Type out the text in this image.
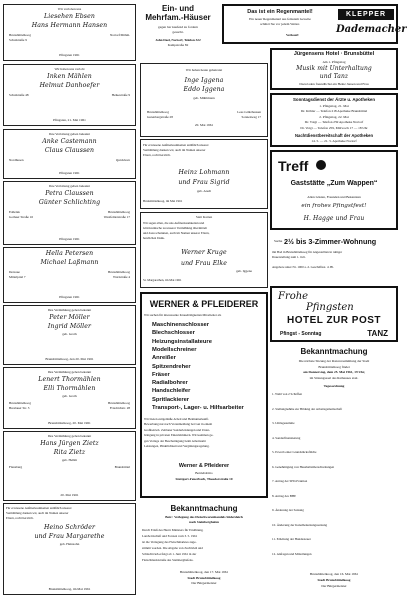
Wir verloben uns
Liesehen Ebsen
Hans Hermann Hansen
Brunsbüttelkoog	Nortorf/Dithm.
Schulstraße 9
Pfingsten 1961
Wir haben uns verlobt
Inken Mählen
Helmut Danhoefer
Schulstraße 48	Heikestraße 9
Pfingsten, 21. Mai 1961
Ihre Verlobung geben bekannt
Anke Castemann
Claus Claussen
Nordhusen	Quickborn
Pfingsten 1961
Ihre Verlobung geben bekannt
Petra Claussen
Günter Schlichting
Eddelak	Brunsbüttelkoog
Gothaer Straße 16	Westfelderstraße 17
Pfingsten 1961
Hella Petersen
Michael Laßmann
Dersaue	Brunsbüttelkoog
Mittelpriel 7	Wurtstraße 4
Pfingsten 1961
Ihre Vermählung geben bekannt
Peter Möller
Ingrid Möller
geb. Groth
Brunsbüttelkoog, den 20. Mai 1961
Ihre Vermählung geben bekannt
Lenert Thormählen
Elli Thormählen
geb. Groth
Brunsbüttelkoog	Brunsbüttelkoog
Breslauer Str. 3	Friedrichstr. 28
Brunsbüttelkoog, 20. Mai 1961
Ihre Vermählung geben bekannt
Hans Jürgen Zietz
Rita Zietz
geb. Hellm
Flensburg	Brunsbüttel
20. Mai 1961
Für erwiesene Aufmerksamkeiten anläßlich unserer
Vermählung danken wir, auch im Namen unserer
Eltern, recht herzlich.
Heino Schröder
und Frau Margarethe
geb. Heinsohn
Brunsbüttelkoog, im Mai 1961
Ein- und
Mehrfam.-Häuser
gegen bar kaufend zu fordern
gesucht.
John Deel, Nortorf, Telefon 322
Kampstraße 82
Wir haben heute geheiratet
Inge Iggena
Eddo Iggena
geb. Mühlmann
Brunsbüttelkoog	Leer-Grützhausen
Gutenbergstraße 28	Sonnenweg 17
20. Mai 1961
Für erwiesene Aufmerksamkeiten anläßlich unserer
Vermählung danken wir, auch im Namen unserer
Eltern, recht herzlich.
Heinz Lohmann
und Frau Sigrid
geb. Aredt
Brunsbüttelkoog, im Mai 1961
Statt Karten
Wir sagen allen, die uns Aufmerksamkeiten und
Glückwünsche zu unserer Vermählung übermittelt
und dazu schenkten, auch im Namen unserer Eltern,
herzlichen Dank.
Werner Kruge
und Frau Elke
geb. Iggena
St. Margarethen, im Mai 1961
WERNER & PFLEIDERER
Wir suchen für interessante Kraueltätigkeiten Mitarbeiter als
Werner & Pfleiderer
Betriebsbüro
Stuttgart-Feuerbach, Theodorstraße 10
Maschinenschlosser
Blechschlosser
Heizungsinstallateure
Modellschreiner
Anreißer
Spitzendreher
Fräser
Radialbohrer
Handschleifer
Spritlackierer
Transport-, Lager- u. Hilfsarbeiter
Wir bieten zeitgemäße Arbeit und Heimunterkunft.
Bewerbung nur nach Voranmeldung bei Gut in einem
Großbetrieb. Zeitlaner Sonderleistungen und Unter-
bringung in privaten Einzelzimmern. Wir kommen ge-
gen Vorlage der Bescheinigung beim Arbeitsamt
Leistungen, Pünktlichkeit und Vergütungsregelung.
Bekanntmachung
Betr.: Verlegung des Fleischwarenhandels Süderdeich
nach Steinberghafen
Brunsbüttelkoog, den 17. Mai 1961
Stadt Brunsbüttelkoog
Der Bürgermeister
Durch Erlaß des Herrn Ministers für Ernährung,
Landwirtschaft und Forsten vom 3. 5. 1961
ist die Verlegung des Fleischmarktes zuge-
stimmt worden. Die Abgabe von Zuchtvieh und
Schlachtvieh erfolgt ab 1. Juni 1961 in der
Fleischmarktstraße des Steinberghafens.
Das ist ein Regenmantel!
Ein neuer Regenmantel aus feinstem Gewebe
schützt Sie vor jedem Wetter.
Verkauf:
KLEPPER
Dademacher
Jürgensens Hotel · Brunsbüttel
Am 1. Pfingsttag
Musik mit Unterhaltung
und Tanz
Dazu laden freundlichst ein Heinz Jansen und Frau
Sonntagsdienst der Ärzte u. Apotheken
Nachtdienstbereitschaft der Apotheken
14. 5. — 21. 5. Apotheke Nortorf
1. Pfingsttag, 21. Mai
Dr. Köhler — Telefon 218 Apotheke Brunsbüttel
2. Pfingsttag, 22. Mai
Dr. Voigt — Telefon 259 Apotheke Nortorf
Dr. Voigt — Telefon 259, Mittwoch 17 — 18 Uhr
Treff
Gaststätte „Zum Wappen“
Allen Gästen, Freunden und Bekannten
ein frohes Pfingstfest!
H. Hagge und Frau
Suche 2½ bis 3-Zimmer-Wohnung
mit Bad in Brunsbüttelkoog für Angestellten in ruhiger
Dauerstellung zum 1. Juli.
Angebote unter Nr. 1000 a. d. Geschäftsst. d. Bl.
Frohe
Pfingsten
HOTEL ZUR POST
Pfingst - Sonntag	TANZ
Bekanntmachung
Tagesordnung
Brunsbüttelkoog, den 16. Mai 1961
Stadt Brunsbüttelkoog
Der Bürgermeister
Die nächste Sitzung der Ratsversammlung der Stadt
Brunsbüttelkoog findet
am Donnerstag, dem 25. Mai 1961, 19 Uhr,
im Sitzungssaal des Rathauses statt.
1. Wahl von 2 Schöffen
2. Stellungnahme zur Bildung der Arbeitsgemeinschaft
3. Umlagesumme
4. Sonderfinanzierung
5. Erwerb einer Grundstücksfläche
6. Genehmigung von Haushaltsüberschreitungen
7. Antrag der SPD-Fraktion
8. Antrag des BHE
9. Änderung der Satzung
10. Änderung der Kanalbenutzungssatzung
11. Erhebung der Hundesteuer
12. Anfragen und Mitteilungen
